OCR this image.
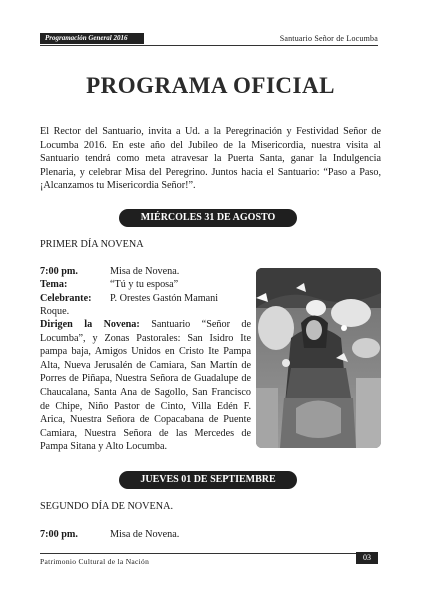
Programación General 2016	Santuario Señor de Locumba
PROGRAMA OFICIAL

El Rector del Santuario, invita a Ud. a la Peregrinación y Festividad Señor de Locumba 2016. En este año del Jubileo de la Misericordia, nuestra visita al Santuario tendrá como meta atravesar la Puerta Santa, ganar la Indulgencia Plenaria, y celebrar Misa del Peregrino. Juntos hacia el Santuario: “Paso a Paso, ¡Alcanzamos tu Misericordia Señor!”.

MIÉRCOLES 31 DE AGOSTO
PRIMER DÍA NOVENA
7:00 pm.	Misa de Novena.
Tema:	“Tú y tu esposa”
Celebrante: P. Orestes Gastón Mamani
Roque.

Dirigen la Novena: Santuario “Señor de Locumba”, y Zonas Pastorales: San Isidro Ite pampa baja, Amigos Unidos en Cristo Ite Pampa Alta, Nueva Jerusalén de Camiara, San Martín de Porres de Piñapa, Nuestra Señora de Guadalupe de Chaucalana, Santa Ana de Sagollo, San Francisco de Chipe, Niño Pastor de Cinto, Villa Edén F. Arica, Nuestra Señora de Copacabana de Puente Camiara, Nuestra Señora de las Mercedes de Pampa Sitana y Alto Locumba.

JUEVES 01 DE SEPTIEMBRE
SEGUNDO DÍA DE NOVENA.
7:00 pm.	Misa de Novena.
Patrimonio Cultural de la Nación	03
